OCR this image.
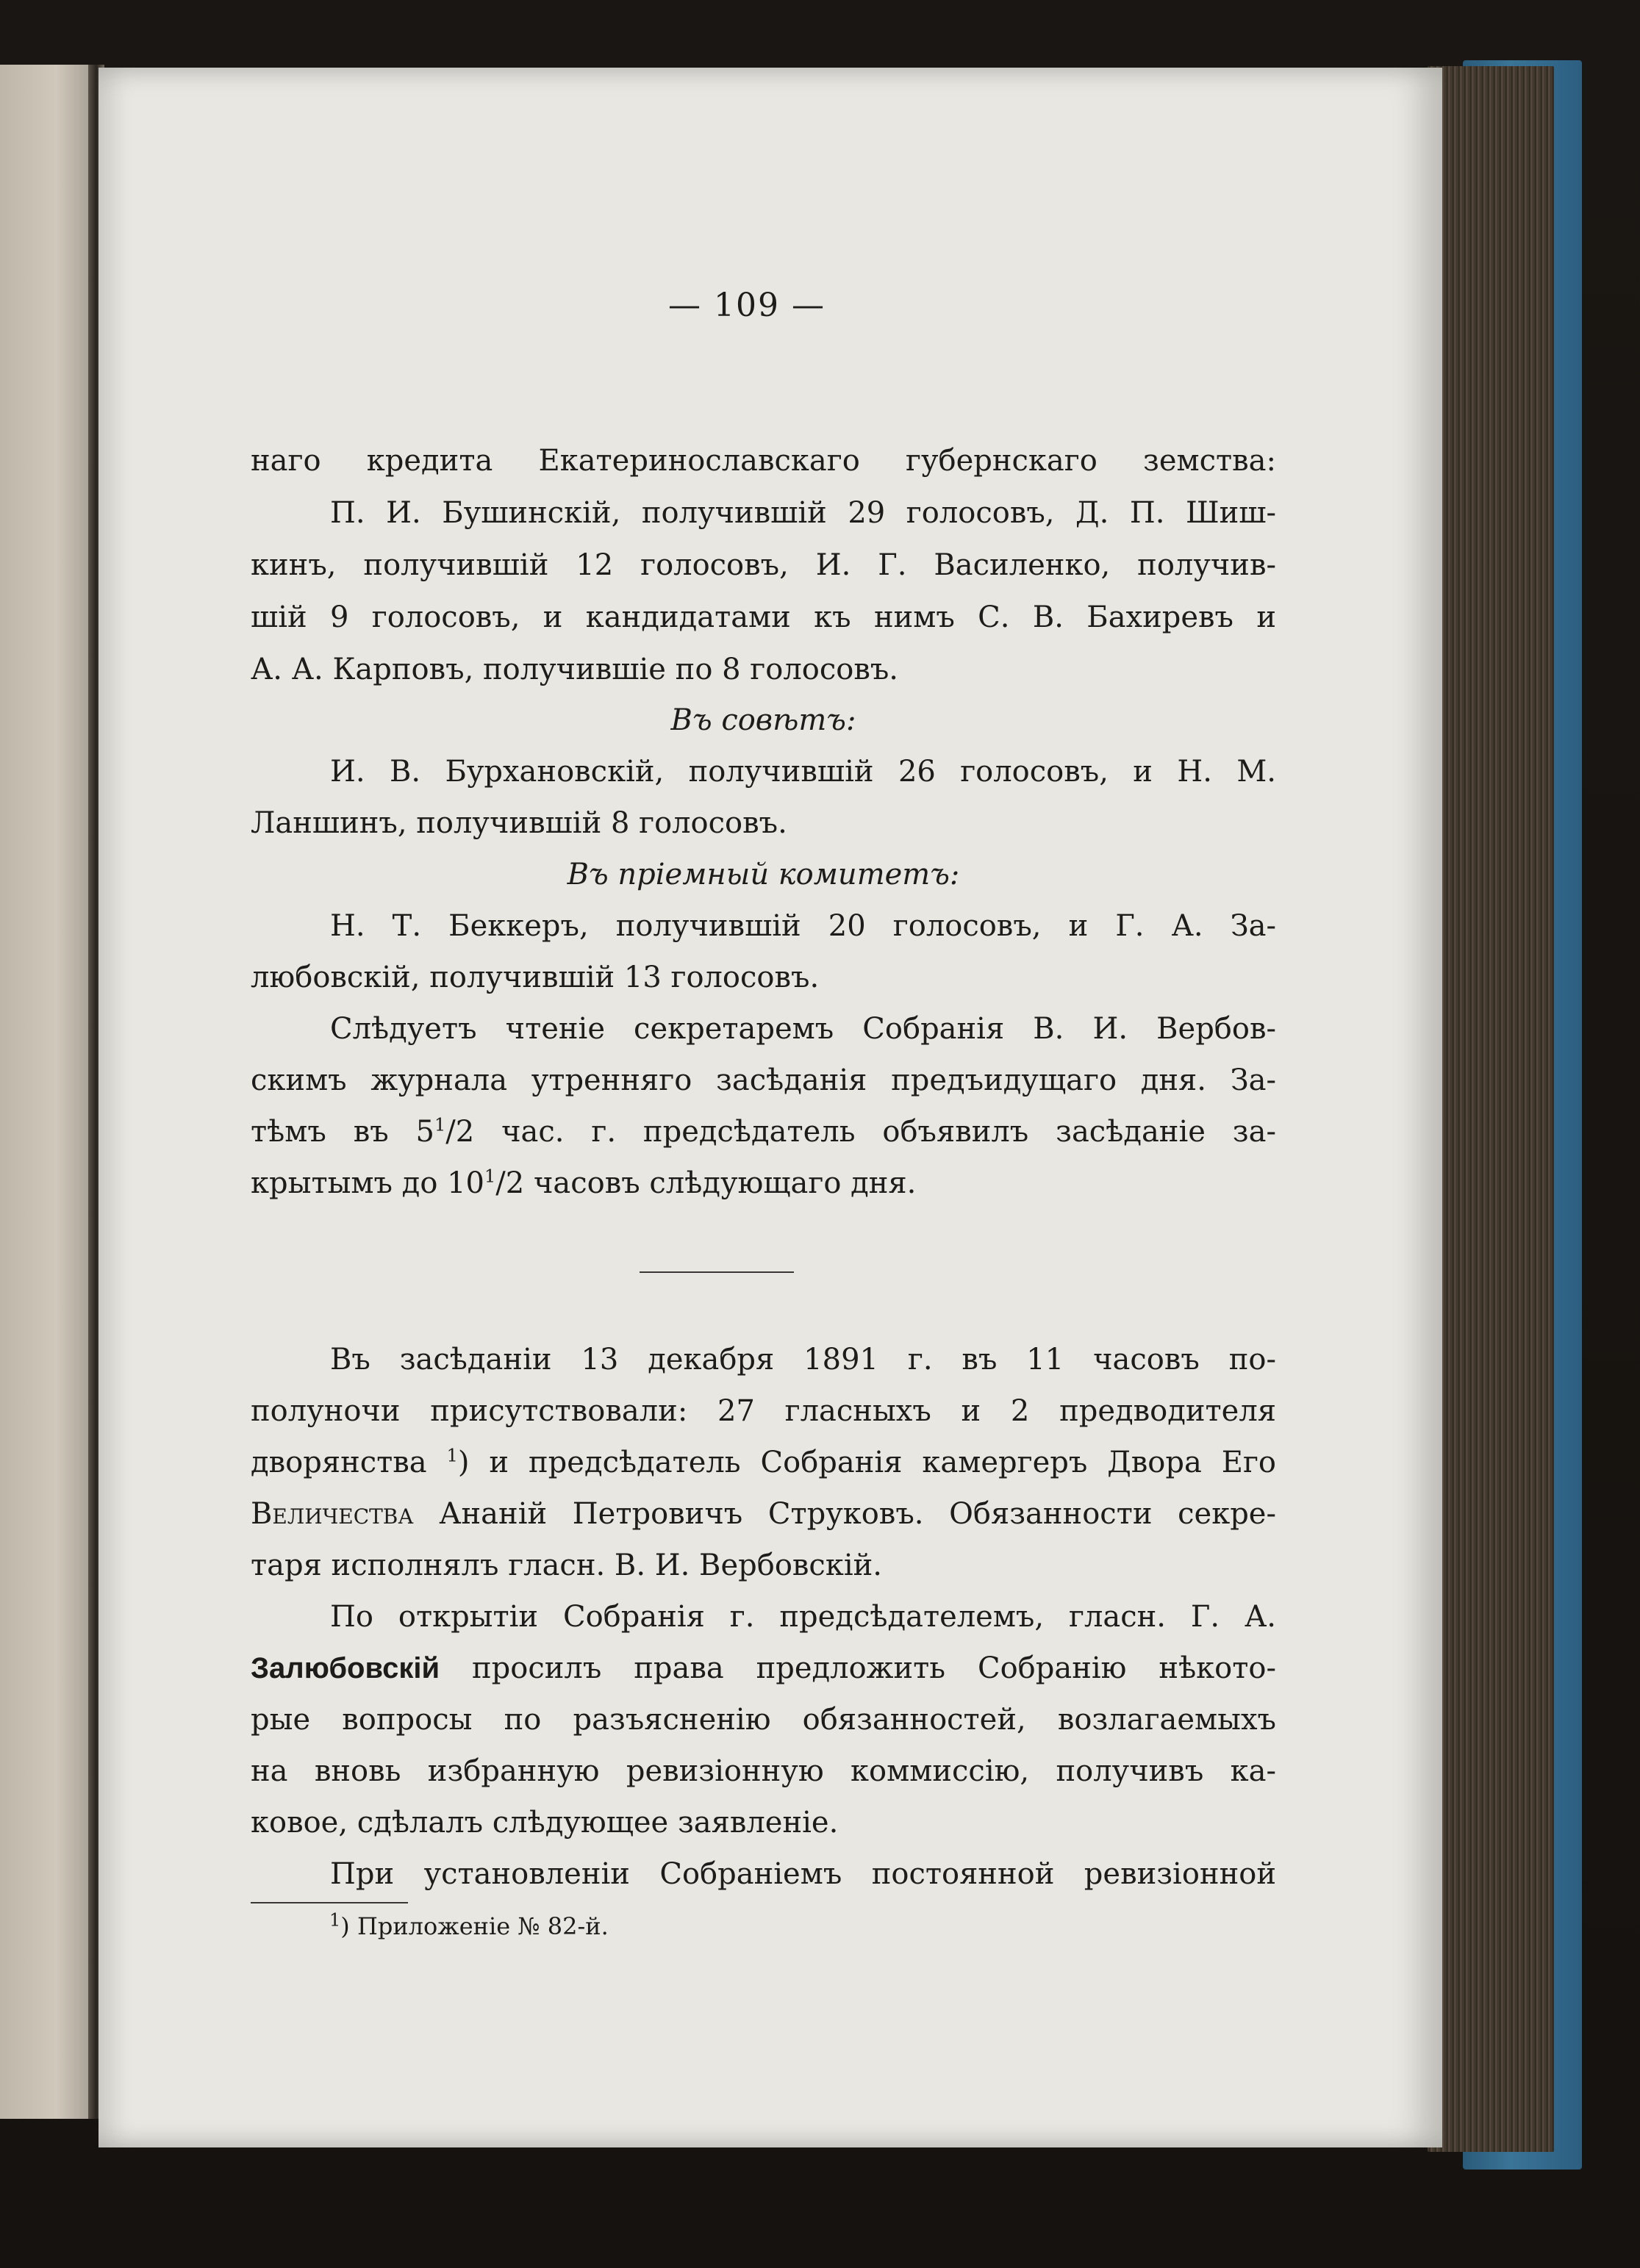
— 109 —
наго кредита Екатеринославскаго губернскаго земства:
П. И. Бушинскій, получившій 29 голосовъ, Д. П. Шиш-
кинъ, получившій 12 голосовъ, И. Г. Василенко, получив-
шій 9 голосовъ, и кандидатами къ нимъ С. В. Бахиревъ и
А. А. Карповъ, получившіе по 8 голосовъ.
Въ совѣтъ:
И. В. Бурхановскій, получившій 26 голосовъ, и Н. М.
Ланшинъ, получившій 8 голосовъ.
Въ пріемный комитетъ:
Н. Т. Беккеръ, получившій 20 голосовъ, и Г. А. За-
любовскій, получившій 13 голосовъ.
Слѣдуетъ чтеніе секретаремъ Собранія В. И. Вербов-
скимъ журнала утренняго засѣданія предъидущаго дня. За-
тѣмъ въ $5^1/2$ час. г. предсѣдатель объявилъ засѣданіе за-
крытымъ до $10^1/2$ часовъ слѣдующаго дня.
Въ засѣданіи 13 декабря 1891 г. въ 11 часовъ по-
полуночи присутствовали: 27 гласныхъ и 2 предводителя
дворянства $^1$) и предсѣдатель Собранія камергеръ Двора Его
Величества Ананій Петровичъ Струковъ. Обязанности секре-
таря исполнялъ гласн. В. И. Вербовскій.
По открытіи Собранія г. предсѣдателемъ, гласн. Г. А.
Залюбовскій просилъ права предложить Собранію нѣкото-
рые вопросы по разъясненію обязанностей, возлагаемыхъ
на вновь избранную ревизіонную коммиссію, получивъ ка-
ковое, сдѣлалъ слѣдующее заявленіе.
При установленіи Собраніемъ постоянной ревизіонной
$^1$) Приложеніе № 82-й.
